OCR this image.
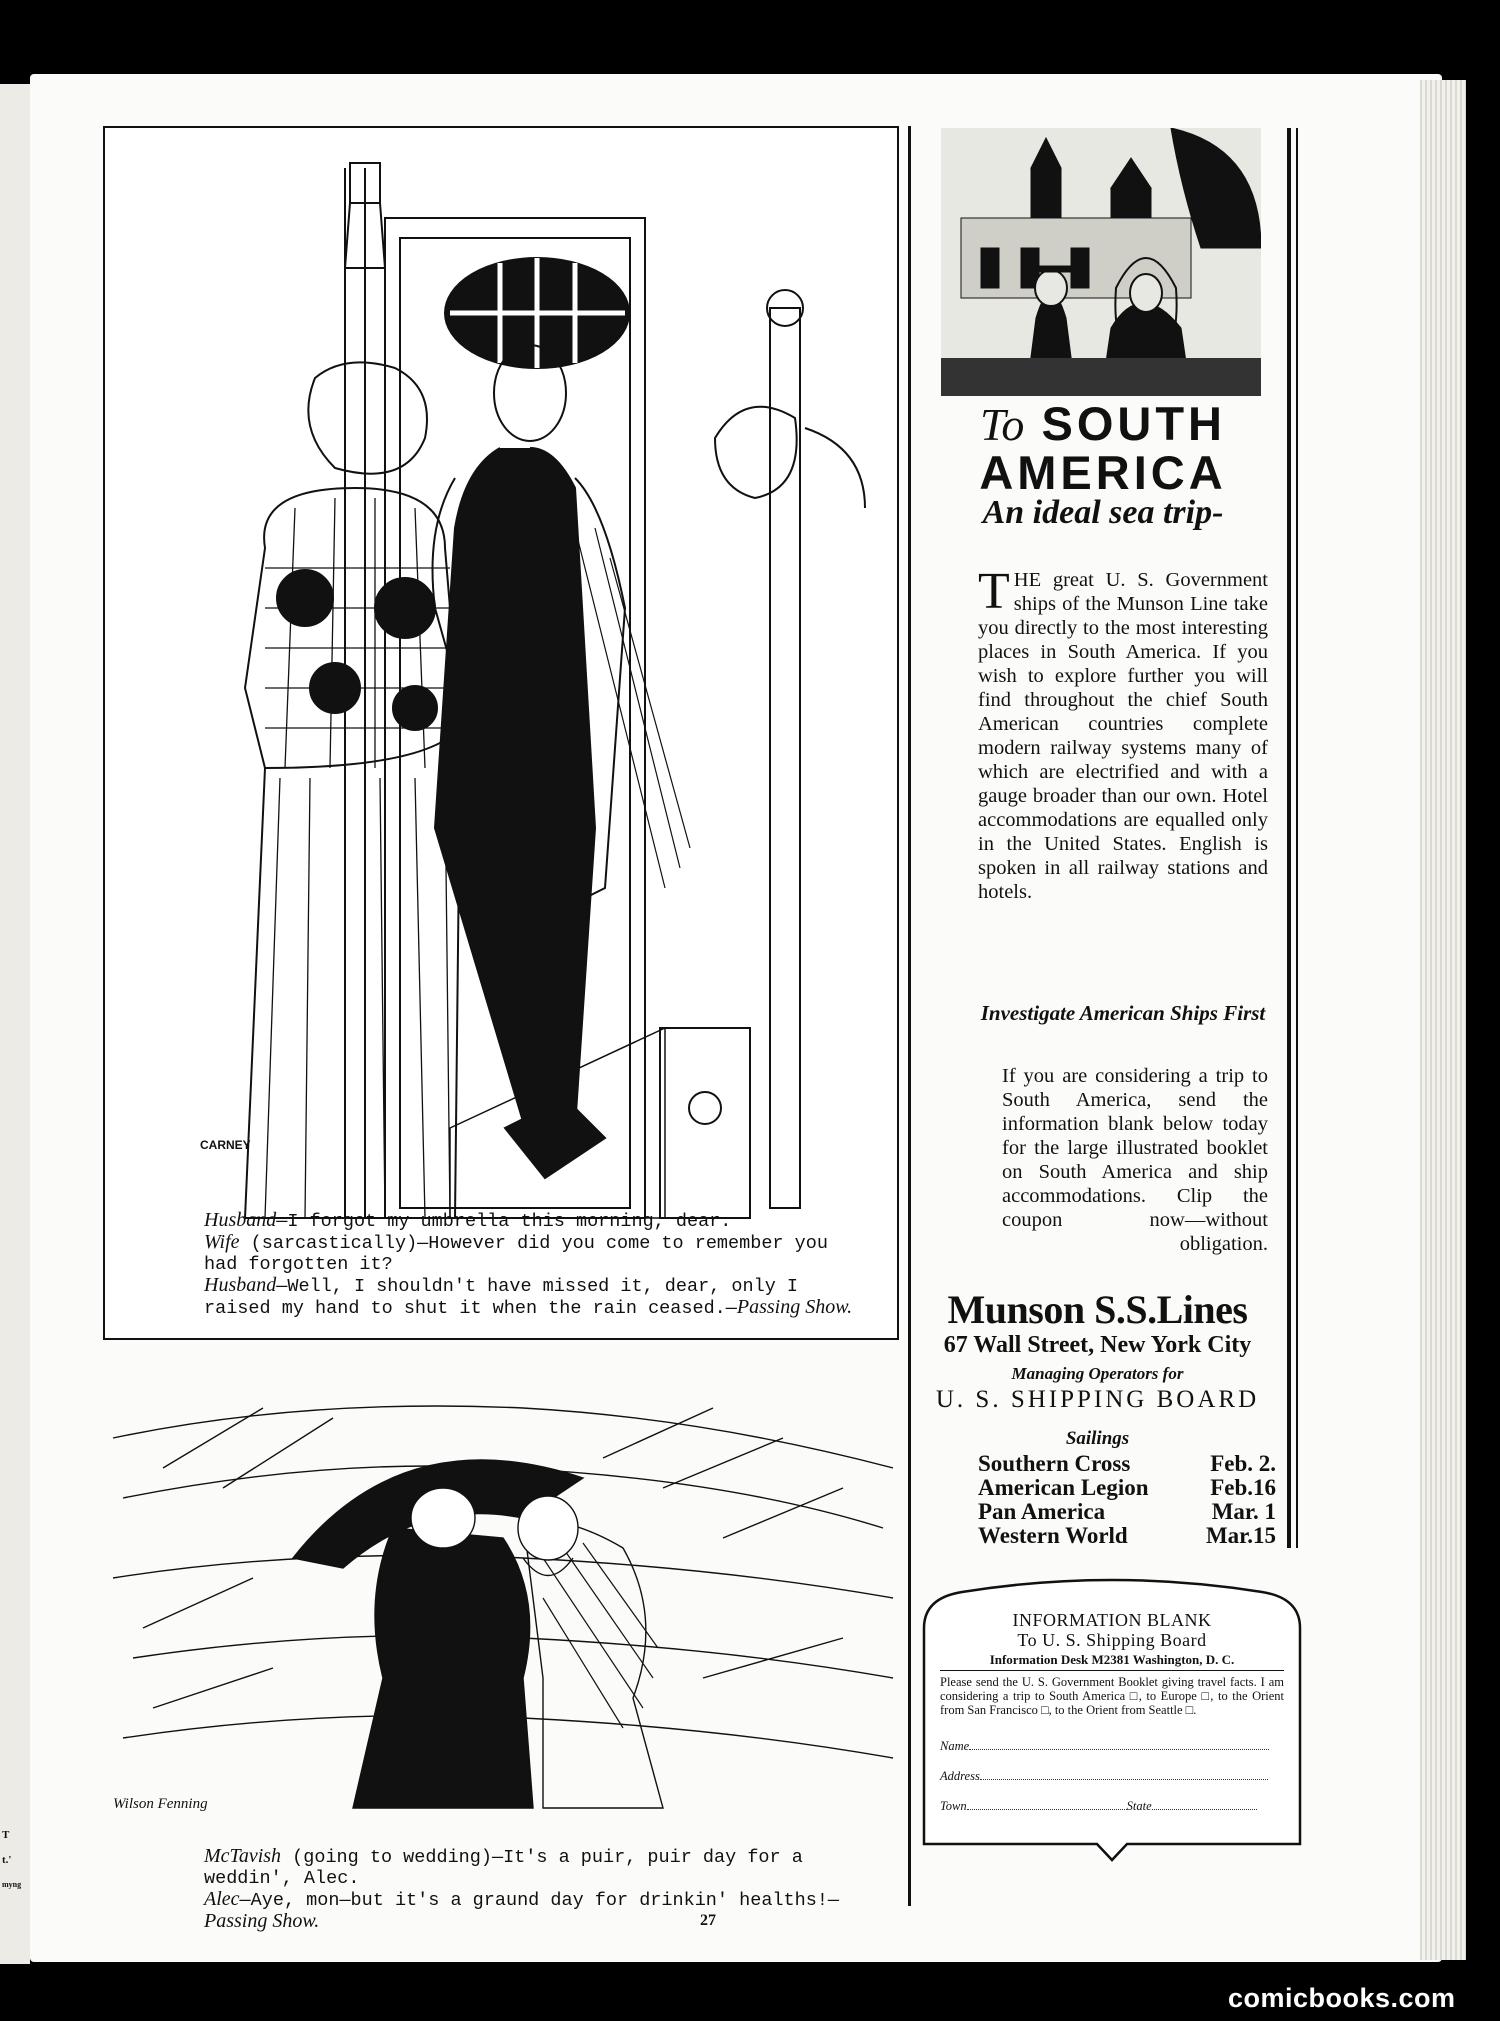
T
t.'
myng
CARNEY

Husband—I forgot my umbrella this morning, dear.

Wife (sarcastically)—However did you come to remember you had forgotten it?

Husband—Well, I shouldn't have missed it, dear, only I raised my hand to shut it when the rain ceased.—Passing Show.

Wilson Fenning

McTavish (going to wedding)—It's a puir, puir day for a weddin', Alec.

Alec—Aye, mon—but it's a graund day for drinkin' healths!—Passing Show.	27
To SOUTH
AMERICA
An ideal sea trip-
THE great U. S. Government ships of the Munson Line take you directly to the most interesting places in South America. If you wish to explore further you will find throughout the chief South American countries complete modern railway systems many of which are electrified and with a gauge broader than our own. Hotel accommodations are equalled only in the United States. English is spoken in all railway stations and hotels.
Investigate American Ships First
If you are considering a trip to South America, send the information blank below today for the large illustrated booklet on South America and ship accommodations. Clip the coupon now—without obligation.
Munson S.S.Lines
67 Wall Street, New York City
Managing Operators for
U. S. SHIPPING BOARD
Sailings
Southern Cross	Feb. 2.
American Legion	Feb.16
Pan America	Mar. 1
Western World	Mar.15
INFORMATION BLANK
To U. S. Shipping Board
Information Desk M2381 Washington, D. C.
Please send the U. S. Government Booklet giving travel facts. I am considering a trip to South America □, to Europe □, to the Orient from San Francisco □, to the Orient from Seattle □.
Name
Address
Town	State
comicbooks.com
